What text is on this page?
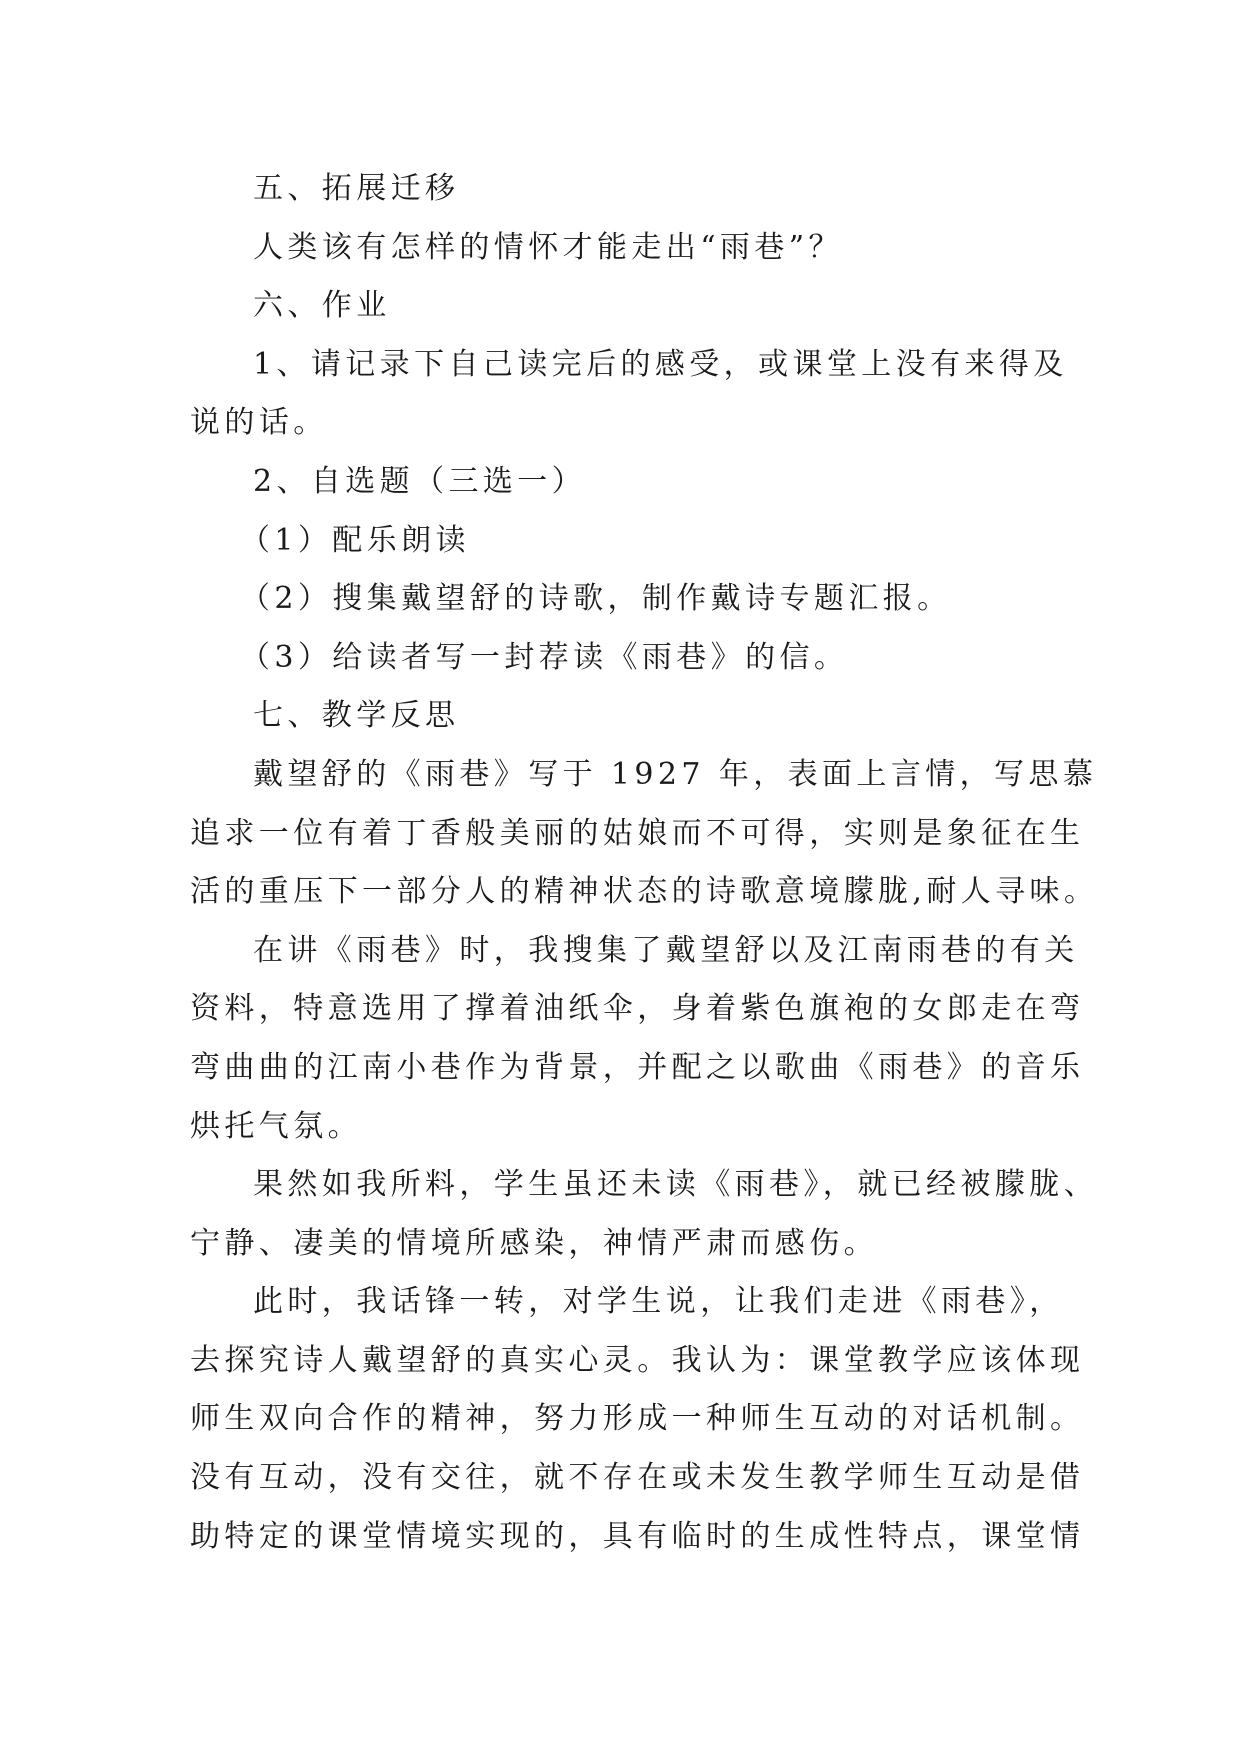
五、拓展迁移
人类该有怎样的情怀才能走出“雨巷”？
六、作业
1、请记录下自己读完后的感受，或课堂上没有来得及
说的话。
2、自选题（三选一）
（1）配乐朗读
（2）搜集戴望舒的诗歌，制作戴诗专题汇报。
（3）给读者写一封荐读《雨巷》的信。
七、教学反思
戴望舒的《雨巷》写于 1927 年，表面上言情，写思慕
追求一位有着丁香般美丽的姑娘而不可得，实则是象征在生
活的重压下一部分人的精神状态的诗歌意境朦胧,耐人寻味。
在讲《雨巷》时，我搜集了戴望舒以及江南雨巷的有关
资料，特意选用了撑着油纸伞，身着紫色旗袍的女郎走在弯
弯曲曲的江南小巷作为背景，并配之以歌曲《雨巷》的音乐
烘托气氛。
果然如我所料，学生虽还未读《雨巷》，就已经被朦胧、
宁静、凄美的情境所感染，神情严肃而感伤。
此时，我话锋一转，对学生说，让我们走进《雨巷》，
去探究诗人戴望舒的真实心灵。我认为：课堂教学应该体现
师生双向合作的精神，努力形成一种师生互动的对话机制。
没有互动，没有交往，就不存在或未发生教学师生互动是借
助特定的课堂情境实现的，具有临时的生成性特点，课堂情
